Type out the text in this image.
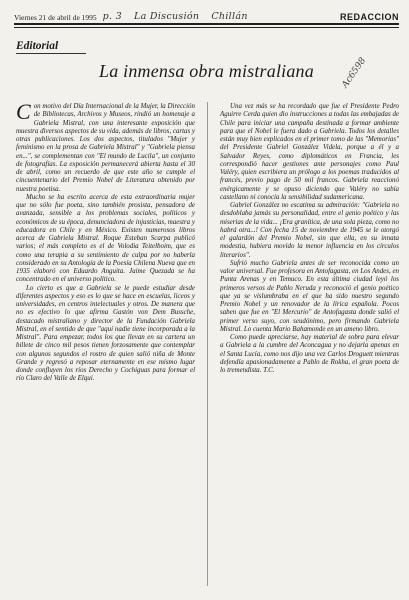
Viernes 21 de abril de 1995 p. 3 La Discusión Chillán	REDACCION
Editorial
La inmensa obra mistraliana	Ac6598

Con motivo del Día Internacional de la Mujer, la Dirección de Bibliotecas, Archivos y Museos, rindió un homenaje a Gabriela Mistral, con una interesante exposición que muestra diversos aspectos de su vida, además de libros, cartas y otras publicaciones. Los dos aspectos, titulados "Mujer y feminismo en la prosa de Gabriela Mistral" y "Gabriela piensa en...", se complementan con "El mundo de Lucila", un conjunto de fotografías. La exposición permanecerá abierta hasta el 30 de abril, como un recuerdo de que este año se cumple el cincuentenario del Premio Nobel de Literatura obtenido por nuestra poetisa.

Mucho se ha escrito acerca de esta extraordinaria mujer que no sólo fue poeta, sino también prosista, pensadora de avanzada, sensible a los problemas sociales, políticos y económicos de su época, denunciadora de injusticias, maestra y educadora en Chile y en México. Existen numerosos libros acerca de Gabriela Mistral. Roque Esteban Scarpa publicó varios; el más completo es el de Volodia Teitelboim, que es como una terapia a su sentimiento de culpa por no haberla considerado en su Antología de la Poesía Chilena Nueva que en 1935 elaboró con Eduardo Anguita. Jaime Quezada se ha concentrado en el universo político.

Lo cierto es que a Gabriela se le puede estudiar desde diferentes aspectos y eso es lo que se hace en escuelas, liceos y universidades, en centros intelectuales y otros. De manera que no es efectivo lo que afirma Gastón von Dem Bussche, destacado mistraliano y director de la Fundación Gabriela Mistral, en el sentido de que "aquí nadie tiene incorporada a la Mistral". Para empezar, todos los que llevan en su cartera un billete de cinco mil pesos tienen forzosamente que contemplar con algunos segundos el rostro de quien salió niña de Monte Grande y regresó a reposar eternamente en ese mismo lugar donde confluyen los ríos Derecho y Cochiguas para formar el río Claro del Valle de Elqui.

Una vez más se ha recordado que fue el Presidente Pedro Aguirre Cerda quien dio instrucciones a todas las embajadas de Chile para iniciar una campaña destinada a formar ambiente para que el Nobel le fuera dado a Gabriela. Todos los detalles están muy bien explicados en el primer tomo de las "Memorias" del Presidente Gabriel González Videla, porque a él y a Salvador Reyes, como diplomáticos en Francia, les correspondió hacer gestiones ante personajes como Paul Valéry, quien escribiera un prólogo a los poemas traducidos al francés, previo pago de 50 mil francos. Gabriela reaccionó enérgicamente y se opuso diciendo que Valéry no sabía castellano ni conocía la sensibilidad sudamericana.

Gabriel González no escatima su admiración: "Gabriela no desdoblaba jamás su personalidad, entre el genio poético y las miserias de la vida... ¡Era granítica, de una sola pieza, como no habrá otra...! Con fecha 15 de noviembre de 1945 se le otorgó el galardón del Premio Nobel, sin que ella, en su innata modestia, hubiera movido la menor influencia en los círculos literarios".

Sufrió mucho Gabriela antes de ser reconocida como un valor universal. Fue profesora en Antofagasta, en Los Andes, en Punta Arenas y en Temuco. En esta última ciudad leyó los primeros versos de Pablo Neruda y reconoció el genio poético que ya se vislumbraba en el que ha sido nuestro segundo Premio Nobel y un renovador de la lírica española. Pocos saben que fue en "El Mercurio" de Antofagasta donde salió el primer verso suyo, con seudónimo, pero firmando Gabriela Mistral. Lo cuenta Mario Bahamonde en un ameno libro.

Como puede apreciarse, hay material de sobra para elevar a Gabriela a la cumbre del Aconcagua y no dejarla apenas en el Santa Lucía, como nos dijo una vez Carlos Droguett mientras defendía apasionadamente a Pablo de Rokha, el gran poeta de lo tremendista. T.C.
